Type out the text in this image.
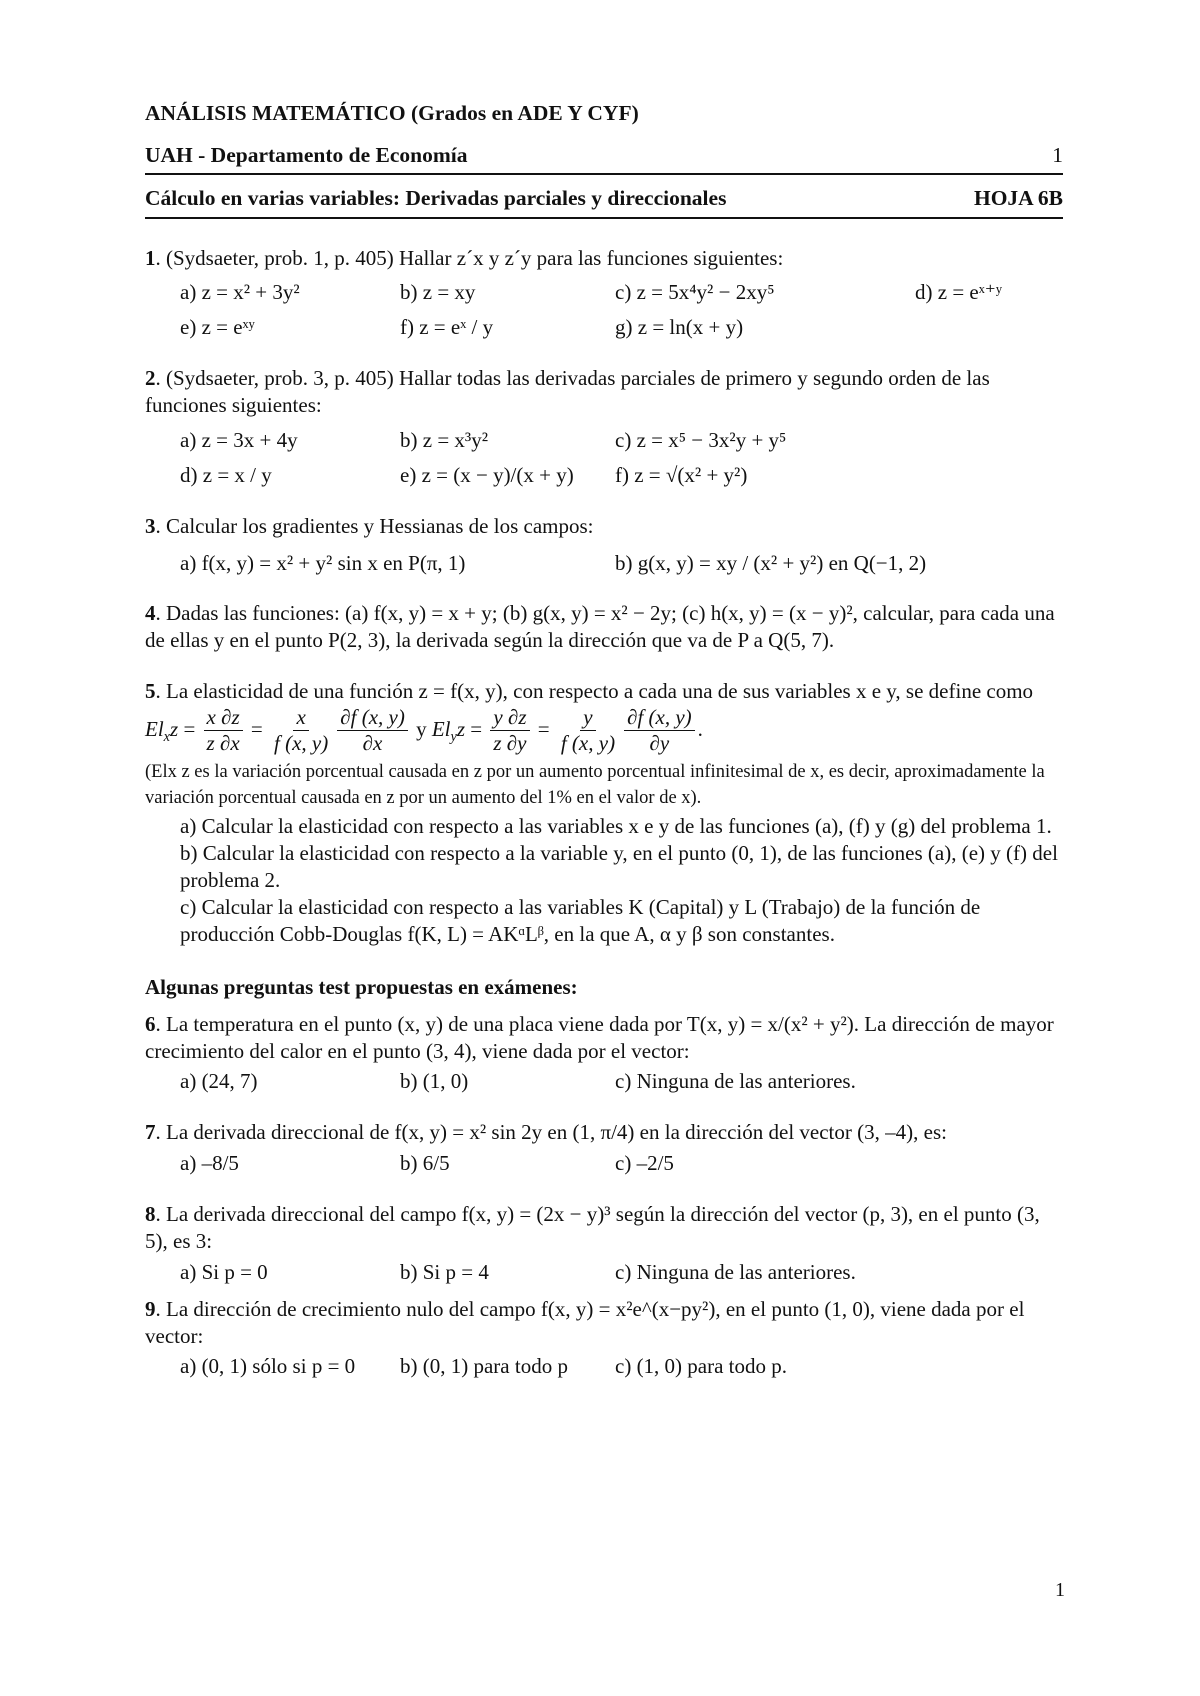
ANÁLISIS MATEMÁTICO (Grados en ADE Y CYF)
UAH - Departamento de Economía	1
Cálculo en varias variables: Derivadas parciales y direccionales	HOJA 6B
1. (Sydsaeter, prob. 1, p. 405) Hallar z´x y z´y para las funciones siguientes:
a) z = x² + 3y²	b) z = xy	c) z = 5x⁴y² − 2xy⁵	d) z = eˣ⁺ʸ
e) z = eˣʸ	f) z = eˣ / y	g) z = ln(x + y)
2. (Sydsaeter, prob. 3, p. 405) Hallar todas las derivadas parciales de primero y segundo orden de las funciones siguientes:
a) z = 3x + 4y	b) z = x³y²	c) z = x⁵ − 3x²y + y⁵
d) z = x / y	e) z = (x − y)/(x + y)	f) z = √(x² + y²)
3. Calcular los gradientes y Hessianas de los campos:
a) f(x, y) = x² + y² sin x en P(π, 1)	b) g(x, y) = xy / (x² + y²) en Q(−1, 2)
4. Dadas las funciones: (a) f(x, y) = x + y; (b) g(x, y) = x² − 2y; (c) h(x, y) = (x − y)², calcular, para cada una de ellas y en el punto P(2, 3), la derivada según la dirección que va de P a Q(5, 7).
5. La elasticidad de una función z = f(x, y), con respecto a cada una de sus variables x e y, se define como $El_xz = \frac{x \partial z}{z \partial x} = \frac{x}{f (x, y)} \frac{\partial f (x, y)}{\partial x}$ y $El_yz = \frac{y \partial z}{z \partial y} = \frac{y}{f (x, y)} \frac{\partial f (x, y)}{\partial y}$ .
(Elx z es la variación porcentual causada en z por un aumento porcentual infinitesimal de x, es decir, aproximadamente la variación porcentual causada en z por un aumento del 1% en el valor de x).
a) Calcular la elasticidad con respecto a las variables x e y de las funciones (a), (f) y (g) del problema 1.
b) Calcular la elasticidad con respecto a la variable y, en el punto (0, 1), de las funciones (a), (e) y (f) del problema 2.
c) Calcular la elasticidad con respecto a las variables K (Capital) y L (Trabajo) de la función de producción Cobb-Douglas f(K, L) = AKᵅLᵝ, en la que A, α y β son constantes.
Algunas preguntas test propuestas en exámenes:
6. La temperatura en el punto (x, y) de una placa viene dada por T(x, y) = x/(x² + y²). La dirección de mayor crecimiento del calor en el punto (3, 4), viene dada por el vector:
a) (24, 7)	b) (1, 0)	c) Ninguna de las anteriores.
7. La derivada direccional de f(x, y) = x² sin 2y en (1, π/4) en la dirección del vector (3, –4), es:
a) –8/5	b) 6/5	c) –2/5
8. La derivada direccional del campo f(x, y) = (2x − y)³ según la dirección del vector (p, 3), en el punto (3, 5), es 3:
a) Si p = 0	b) Si p = 4	c) Ninguna de las anteriores.
9. La dirección de crecimiento nulo del campo f(x, y) = x²e^(x−py²), en el punto (1, 0), viene dada por el vector:
a) (0, 1) sólo si p = 0	b) (0, 1) para todo p	c) (1, 0) para todo p.
1
